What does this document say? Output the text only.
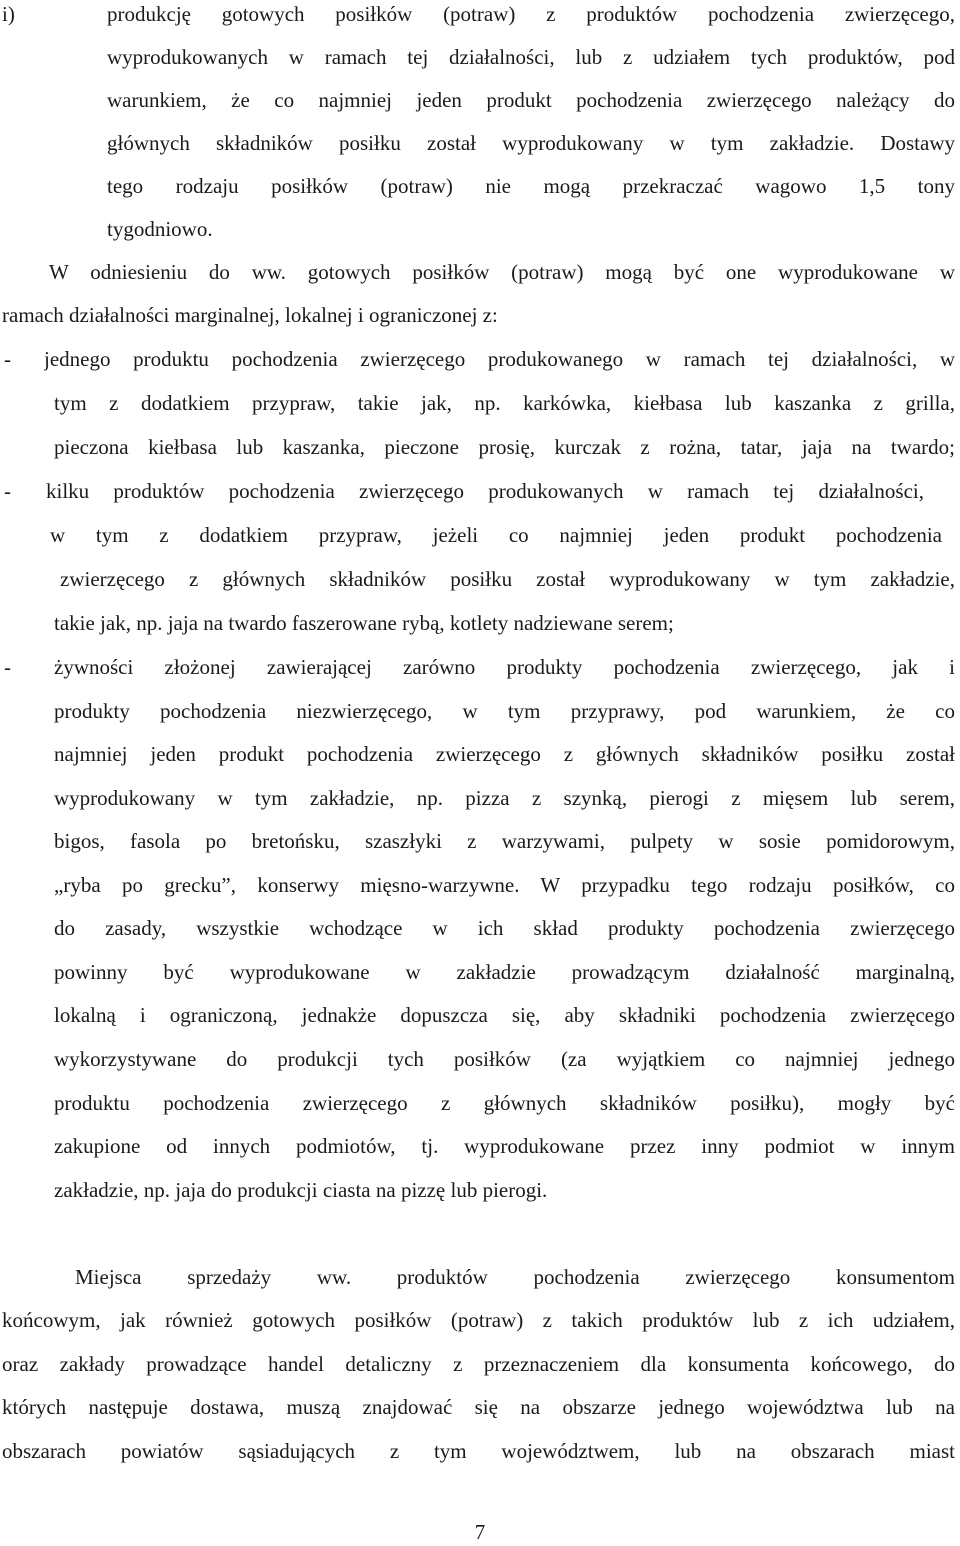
i)	produkcję gotowych posiłków (potraw) z produktów pochodzenia zwierzęcego,
wyprodukowanych w ramach tej działalności, lub z udziałem tych produktów, pod
warunkiem, że co najmniej jeden produkt pochodzenia zwierzęcego należący do
głównych składników posiłku został wyprodukowany w tym zakładzie. Dostawy
tego rodzaju posiłków (potraw) nie mogą przekraczać wagowo 1,5 tony
tygodniowo.
W odniesieniu do ww. gotowych posiłków (potraw) mogą być one wyprodukowane w
ramach działalności marginalnej, lokalnej i ograniczonej z:
- jednego produktu pochodzenia zwierzęcego produkowanego w ramach tej działalności, w
tym z dodatkiem przypraw, takie jak, np. karkówka, kiełbasa lub kaszanka z grilla,
pieczona kiełbasa lub kaszanka, pieczone prosię, kurczak z rożna, tatar, jaja na twardo;
- kilku produktów pochodzenia zwierzęcego produkowanych w ramach tej działalności,
w tym z dodatkiem przypraw, jeżeli co najmniej jeden produkt pochodzenia
zwierzęcego z głównych składników posiłku został wyprodukowany w tym zakładzie,
takie jak, np. jaja na twardo faszerowane rybą, kotlety nadziewane serem;
- żywności złożonej zawierającej zarówno produkty pochodzenia zwierzęcego, jak i
produkty pochodzenia niezwierzęcego, w tym przyprawy, pod warunkiem, że co
najmniej jeden produkt pochodzenia zwierzęcego z głównych składników posiłku został
wyprodukowany w tym zakładzie, np. pizza z szynką, pierogi z mięsem lub serem,
bigos, fasola po bretońsku, szaszłyki z warzywami, pulpety w sosie pomidorowym,
„ryba po grecku”, konserwy mięsno-warzywne. W przypadku tego rodzaju posiłków, co
do zasady, wszystkie wchodzące w ich skład produkty pochodzenia zwierzęcego
powinny być wyprodukowane w zakładzie prowadzącym działalność marginalną,
lokalną i ograniczoną, jednakże dopuszcza się, aby składniki pochodzenia zwierzęcego
wykorzystywane do produkcji tych posiłków (za wyjątkiem co najmniej jednego
produktu pochodzenia zwierzęcego z głównych składników posiłku), mogły być
zakupione od innych podmiotów, tj. wyprodukowane przez inny podmiot w innym
zakładzie, np. jaja do produkcji ciasta na pizzę lub pierogi.
Miejsca sprzedaży ww. produktów pochodzenia zwierzęcego konsumentom
końcowym, jak również gotowych posiłków (potraw) z takich produktów lub z ich udziałem,
oraz zakłady prowadzące handel detaliczny z przeznaczeniem dla konsumenta końcowego, do
których następuje dostawa, muszą znajdować się na obszarze jednego województwa lub na
obszarach powiatów sąsiadujących z tym województwem, lub na obszarach miast
7
